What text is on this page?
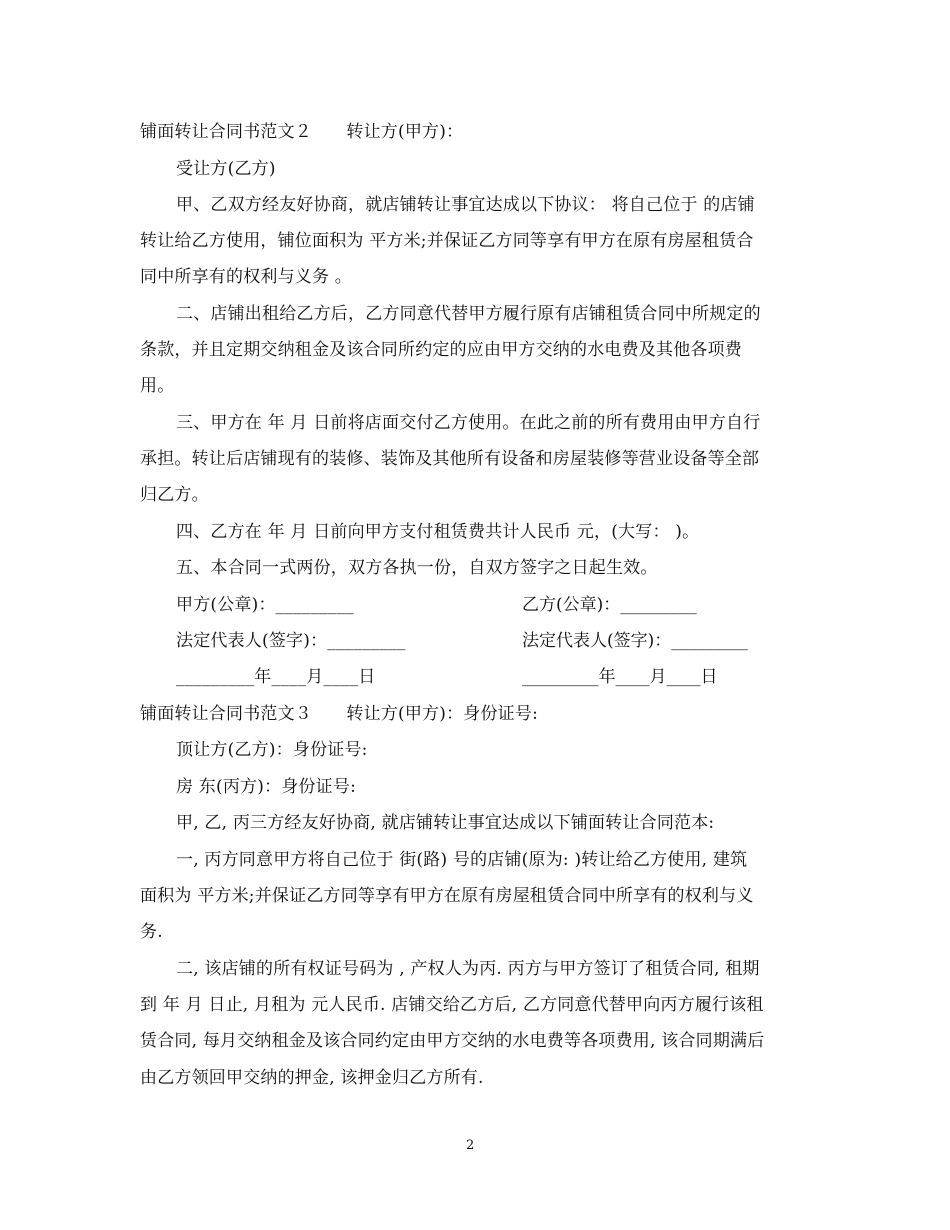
铺面转让合同书范文２　　转让方(甲方)：
受让方(乙方)
甲、乙双方经友好协商，就店铺转让事宜达成以下协议： 将自己位于 的店铺
转让给乙方使用，铺位面积为 平方米;并保证乙方同等享有甲方在原有房屋租赁合
同中所享有的权利与义务 。
二、店铺出租给乙方后，乙方同意代替甲方履行原有店铺租赁合同中所规定的
条款，并且定期交纳租金及该合同所约定的应由甲方交纳的水电费及其他各项费
用。
三、甲方在 年 月 日前将店面交付乙方使用。在此之前的所有费用由甲方自行
承担。转让后店铺现有的装修、装饰及其他所有设备和房屋装修等营业设备等全部
归乙方。
四、乙方在 年 月 日前向甲方支付租赁费共计人民币 元，(大写： )。
五、本合同一式两份，双方各执一份，自双方签字之日起生效。
甲方(公章)：_________	乙方(公章)：_________
法定代表人(签字)：_________	法定代表人(签字)：_________
_________年____月____日	_________年____月____日
铺面转让合同书范文３　　转让方(甲方)：身份证号:
顶让方(乙方)：身份证号:
房 东(丙方)：身份证号:
甲, 乙, 丙三方经友好协商, 就店铺转让事宜达成以下铺面转让合同范本:
一, 丙方同意甲方将自己位于 街(路) 号的店铺(原为: )转让给乙方使用, 建筑
面积为 平方米;并保证乙方同等享有甲方在原有房屋租赁合同中所享有的权利与义
务.
二, 该店铺的所有权证号码为 , 产权人为丙. 丙方与甲方签订了租赁合同, 租期
到 年 月 日止, 月租为 元人民币. 店铺交给乙方后, 乙方同意代替甲向丙方履行该租
赁合同, 每月交纳租金及该合同约定由甲方交纳的水电费等各项费用, 该合同期满后
由乙方领回甲交纳的押金, 该押金归乙方所有.
2
